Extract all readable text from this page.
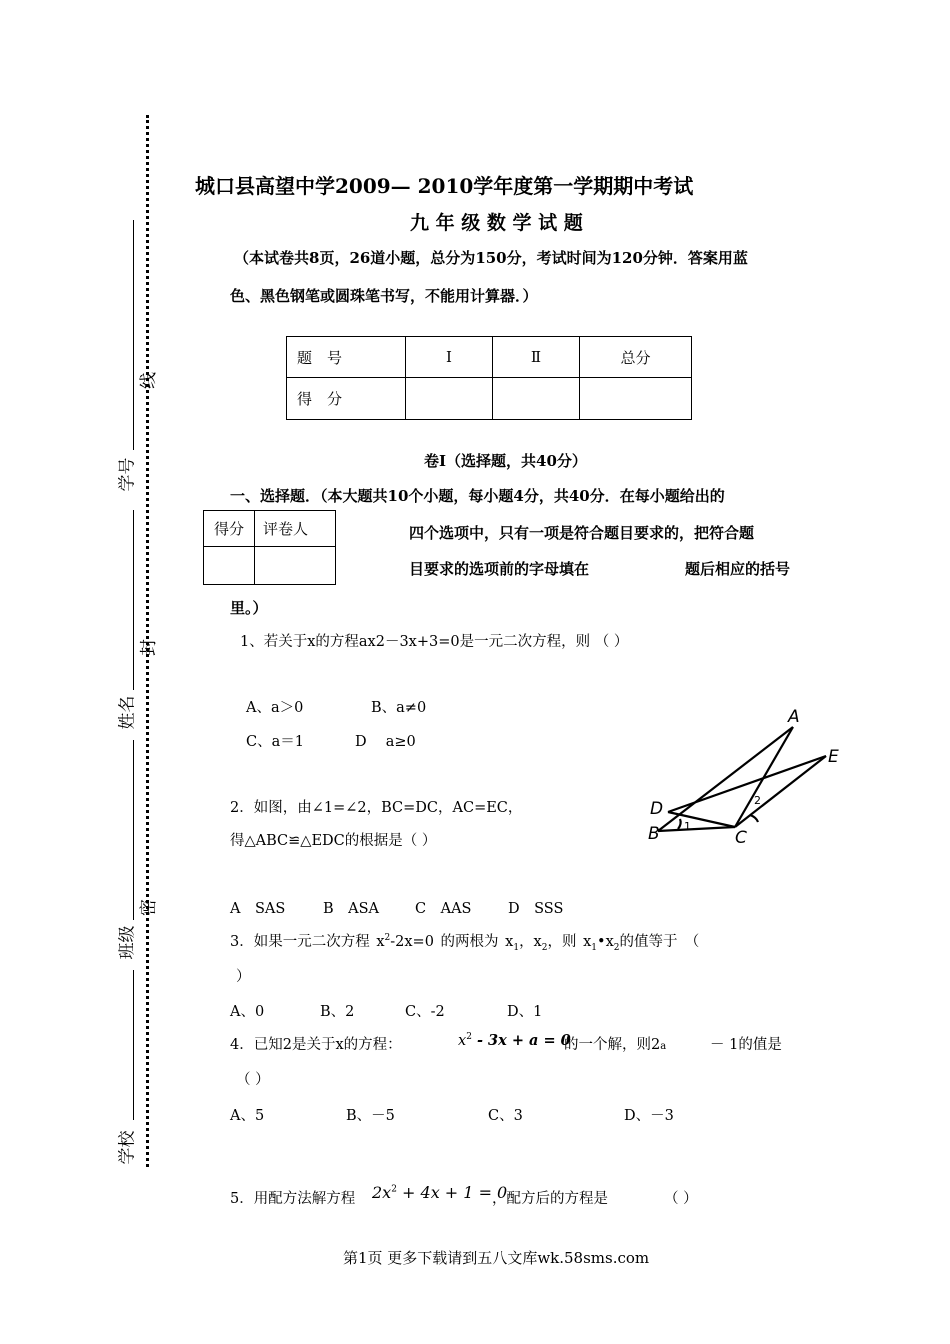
学号
姓名
班级
学校
线
封
密
城口县高望中学2009— 2010学年度第一学期期中考试
九 年 级 数 学 试 题
（本试卷共8页，26道小题，总分为150分，考试时间为120分钟．答案用蓝
色、黑色钢笔或圆珠笔书写，不能用计算器．）
题　号	Ⅰ	Ⅱ	总分
得　分			
卷Ⅰ（选择题，共40分）
一、选择题．（本大题共10个小题，每小题4分，共40分．在每小题给出的
得分	评卷人
		四个选项中，只有一项是符合题目要求的，把符合题
目要求的选项前的字母填在	题后相应的括号
里。）
1、若关于x的方程ax2－3x+3=0是一元二次方程，则 （ ）
A、a＞0	B、a≠0
C、a＝1	D　 a≥0
2．如图，由∠1=∠2，BC=DC，AC=EC，
得△ABC≌△EDC的根据是（ ）
A
E
D
B	C
1
2
A　SAS	B　ASA C　AAS	D　SSS
3．如果一元二次方程 $x^2-2x=0$ 的两根为 $x_1$，$x_2$，则 $x_1•x_2$的值等于　（
）
A、0	B、2	C、-2	D、1
4．已知2是关于x的方程：	$x^2 - 3x + a = 0$
的一个解，则2a	－ 1的值是
（ ）
A、5	B、－5	C、3	D、－3
5．用配方法解方程 $2x^2 + 4x + 1 = 0$
，配方后的方程是	（ ）
第1页 更多下载请到五八文库wk.58sms.com
